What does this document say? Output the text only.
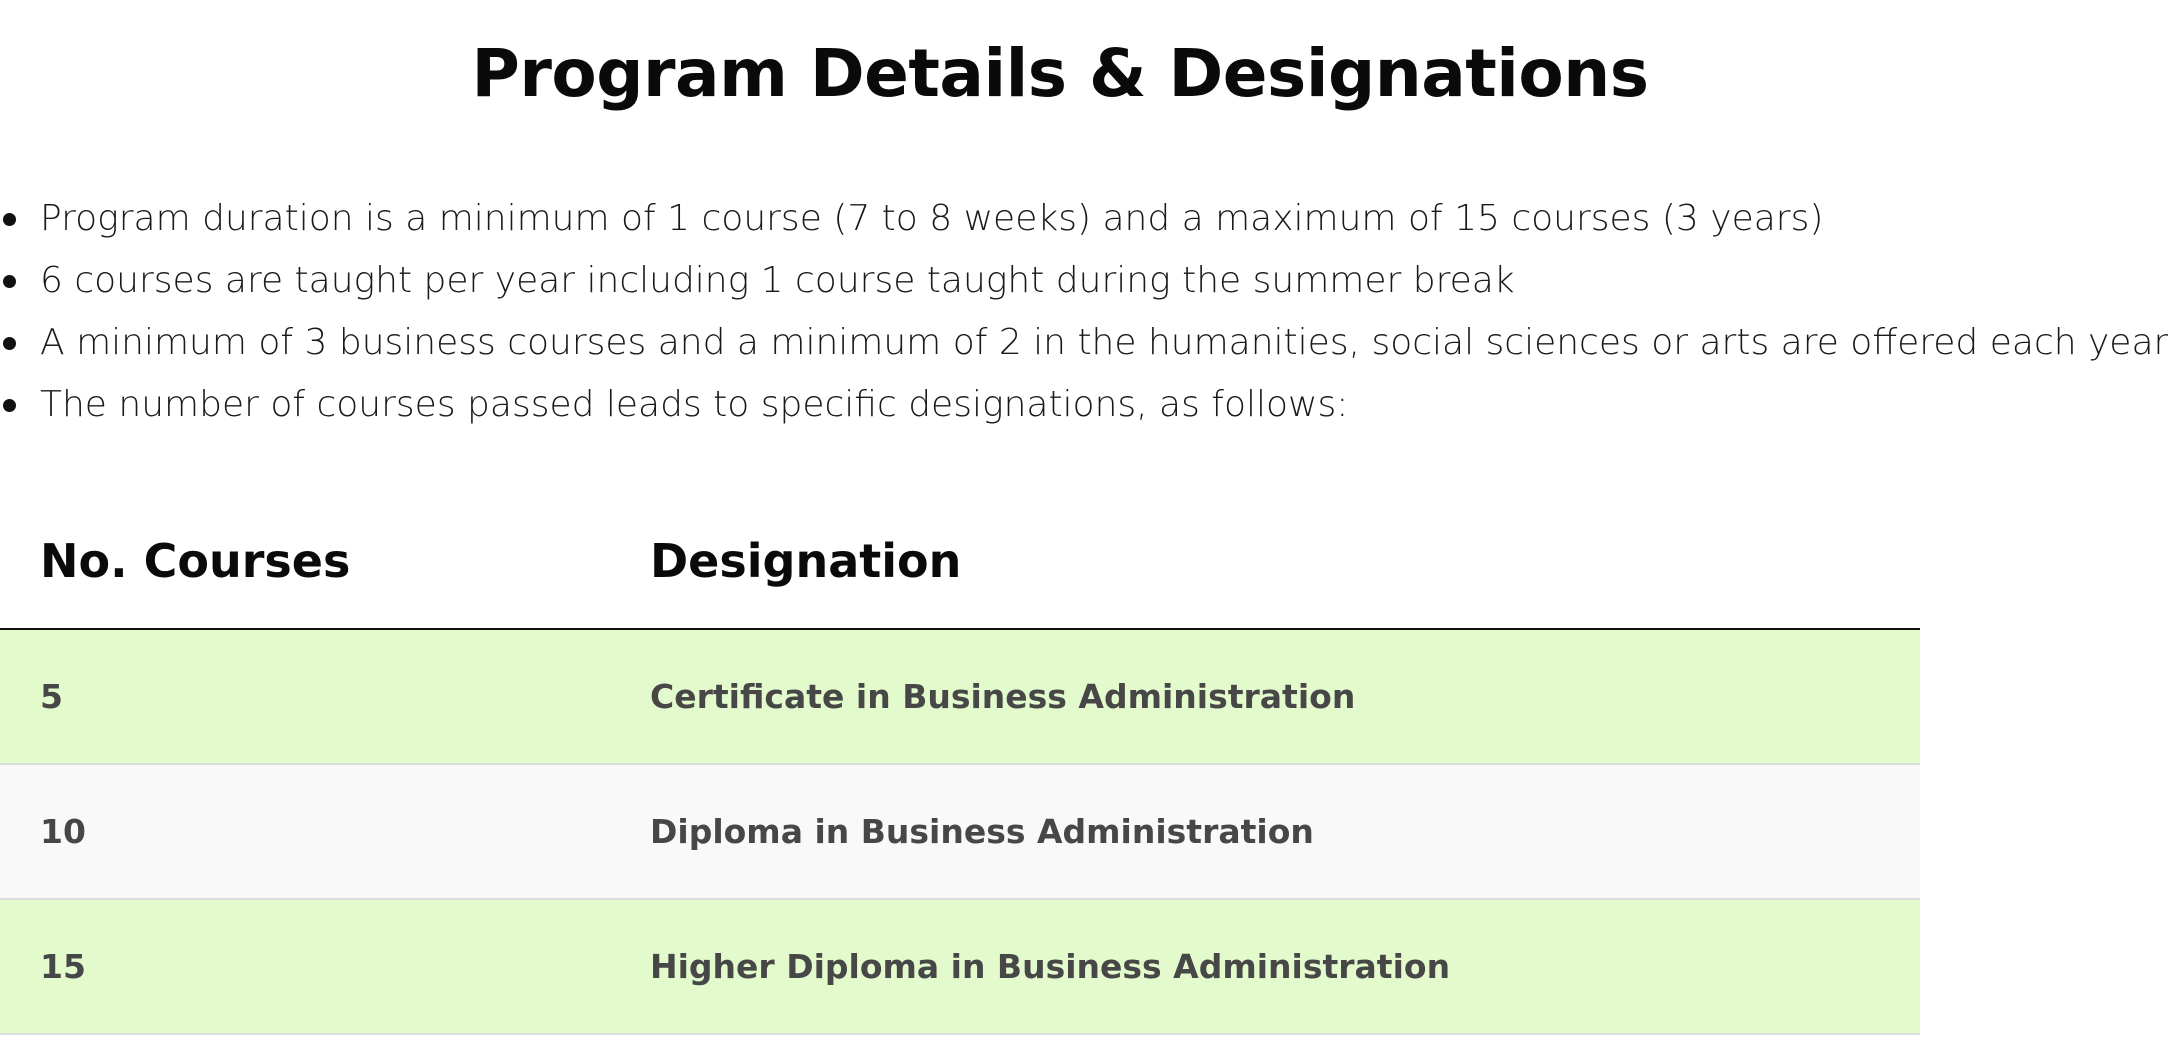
Program Details & Designations
Program duration is a minimum of 1 course (7 to 8 weeks) and a maximum of 15 courses (3 years)
6 courses are taught per year including 1 course taught during the summer break
A minimum of 3 business courses and a minimum of 2 in the humanities, social sciences or arts are offered each year
The number of courses passed leads to specific designations, as follows:
No. Courses	Designation
5	Certificate in Business Administration
10	Diploma in Business Administration
15	Higher Diploma in Business Administration
